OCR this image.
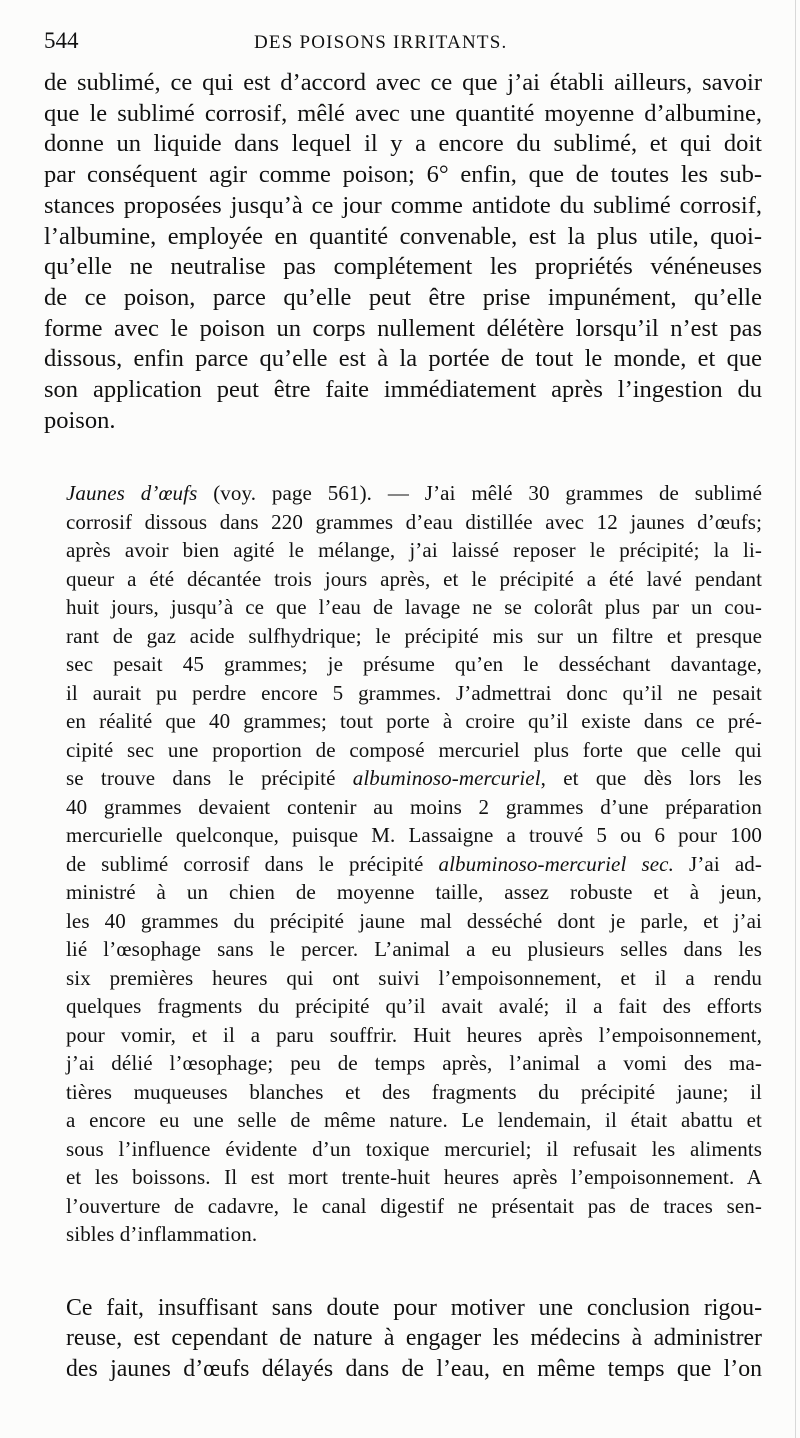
544	DES POISONS IRRITANTS.
de sublimé, ce qui est d’accord avec ce que j’ai établi ailleurs, savoir
que le sublimé corrosif, mêlé avec une quantité moyenne d’albumine,
donne un liquide dans lequel il y a encore du sublimé, et qui doit
par conséquent agir comme poison; 6° enfin, que de toutes les sub-
stances proposées jusqu’à ce jour comme antidote du sublimé corrosif,
l’albumine, employée en quantité convenable, est la plus utile, quoi-
qu’elle ne neutralise pas complétement les propriétés vénéneuses
de ce poison, parce qu’elle peut être prise impunément, qu’elle
forme avec le poison un corps nullement délétère lorsqu’il n’est pas
dissous, enfin parce qu’elle est à la portée de tout le monde, et que
son application peut être faite immédiatement après l’ingestion du
poison.
Jaunes d’œufs (voy. page 561). — J’ai mêlé 30 grammes de sublimé
corrosif dissous dans 220 grammes d’eau distillée avec 12 jaunes d’œufs;
après avoir bien agité le mélange, j’ai laissé reposer le précipité; la li-
queur a été décantée trois jours après, et le précipité a été lavé pendant
huit jours, jusqu’à ce que l’eau de lavage ne se colorât plus par un cou-
rant de gaz acide sulfhydrique; le précipité mis sur un filtre et presque
sec pesait 45 grammes; je présume qu’en le desséchant davantage,
il aurait pu perdre encore 5 grammes. J’admettrai donc qu’il ne pesait
en réalité que 40 grammes; tout porte à croire qu’il existe dans ce pré-
cipité sec une proportion de composé mercuriel plus forte que celle qui
se trouve dans le précipité albuminoso-mercuriel, et que dès lors les
40 grammes devaient contenir au moins 2 grammes d’une préparation
mercurielle quelconque, puisque M. Lassaigne a trouvé 5 ou 6 pour 100
de sublimé corrosif dans le précipité albuminoso-mercuriel sec. J’ai ad-
ministré à un chien de moyenne taille, assez robuste et à jeun,
les 40 grammes du précipité jaune mal desséché dont je parle, et j’ai
lié l’œsophage sans le percer. L’animal a eu plusieurs selles dans les
six premières heures qui ont suivi l’empoisonnement, et il a rendu
quelques fragments du précipité qu’il avait avalé; il a fait des efforts
pour vomir, et il a paru souffrir. Huit heures après l’empoisonnement,
j’ai délié l’œsophage; peu de temps après, l’animal a vomi des ma-
tières muqueuses blanches et des fragments du précipité jaune; il
a encore eu une selle de même nature. Le lendemain, il était abattu et
sous l’influence évidente d’un toxique mercuriel; il refusait les aliments
et les boissons. Il est mort trente-huit heures après l’empoisonnement. A
l’ouverture de cadavre, le canal digestif ne présentait pas de traces sen-
sibles d’inflammation.
Ce fait, insuffisant sans doute pour motiver une conclusion rigou-
reuse, est cependant de nature à engager les médecins à administrer
des jaunes d’œufs délayés dans de l’eau, en même temps que l’on
